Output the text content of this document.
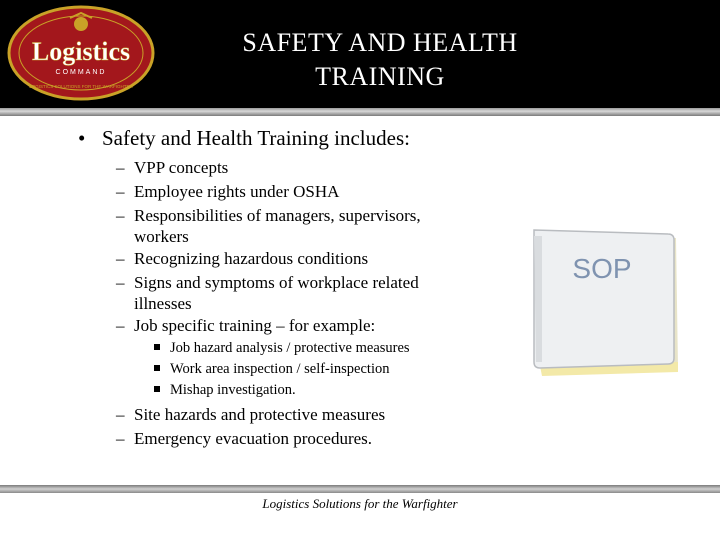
Logistics
COMMAND
LOGISTICS SOLUTIONS FOR THE WARFIGHTER
SAFETY AND HEALTH
TRAINING
• Safety and Health Training includes:
– VPP concepts
– Employee rights under OSHA
– Responsibilities of managers, supervisors,
workers
– Recognizing hazardous conditions
– Signs and symptoms of workplace related
illnesses
– Job specific training – for example:
Job hazard analysis / protective measures
Work area inspection / self-inspection
Mishap investigation.
– Site hazards and protective measures
– Emergency evacuation procedures.
SOP
Logistics Solutions for the Warfighter
